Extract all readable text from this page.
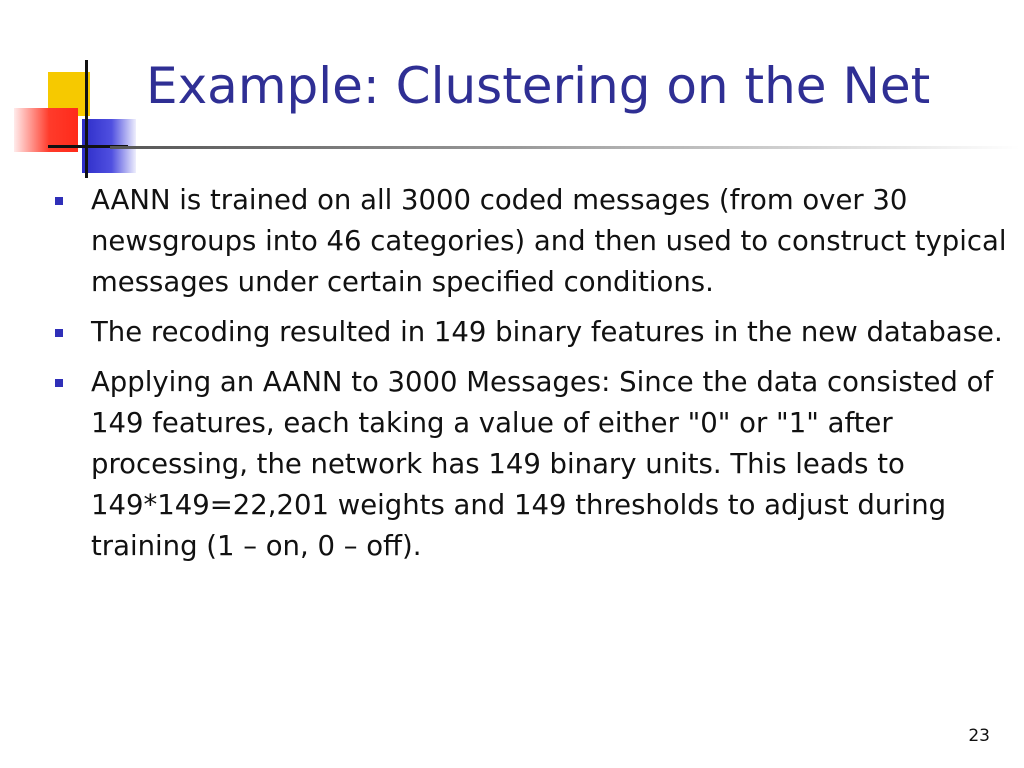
Example: Clustering on the Net
AANN is trained on all 3000 coded messages (from over 30 newsgroups into 46 categories) and then used to construct typical messages under certain specified conditions.
The recoding resulted in 149 binary features in the new database.
Applying an AANN to 3000 Messages: Since the data consisted of 149 features, each taking a value of either "0" or "1" after processing, the network has 149 binary units. This leads to 149*149=22,201 weights and 149 thresholds to adjust during training (1 – on, 0 – off).
23
